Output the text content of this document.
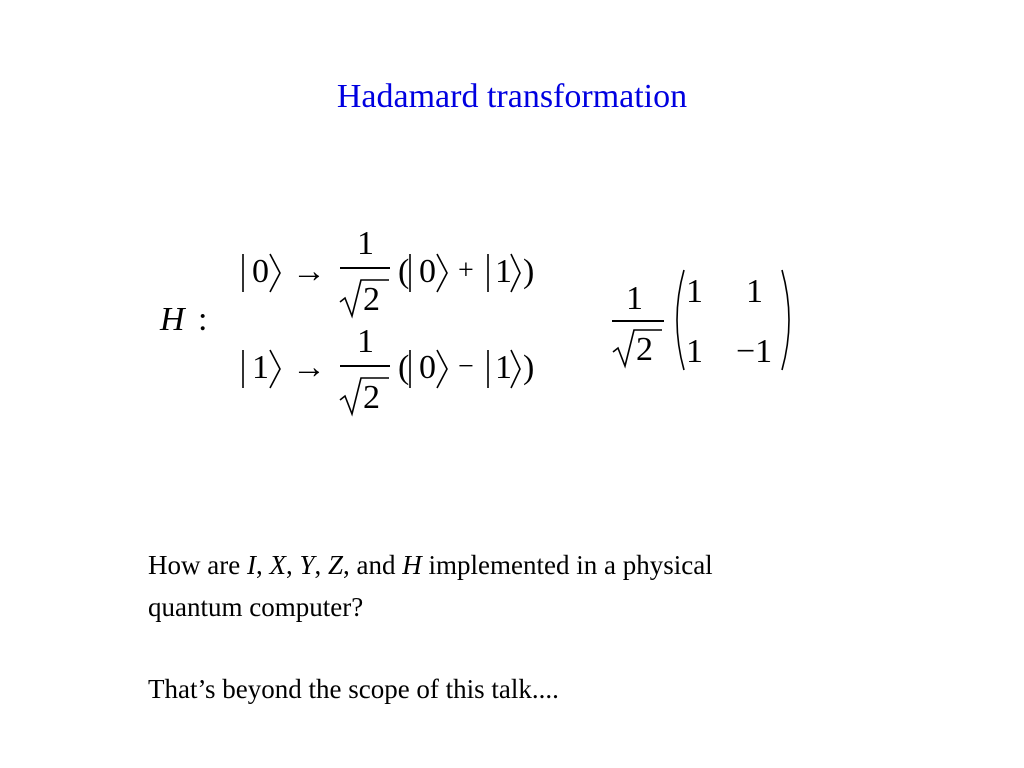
Hadamard transformation
H :
0 →
1
2
( 0 + 1 )
1 →
1
2
( 0 − 1 )
1
2
1 1
1 −1
How are I, X, Y, Z, and H implemented in a physical
quantum computer?
That’s beyond the scope of this talk....
